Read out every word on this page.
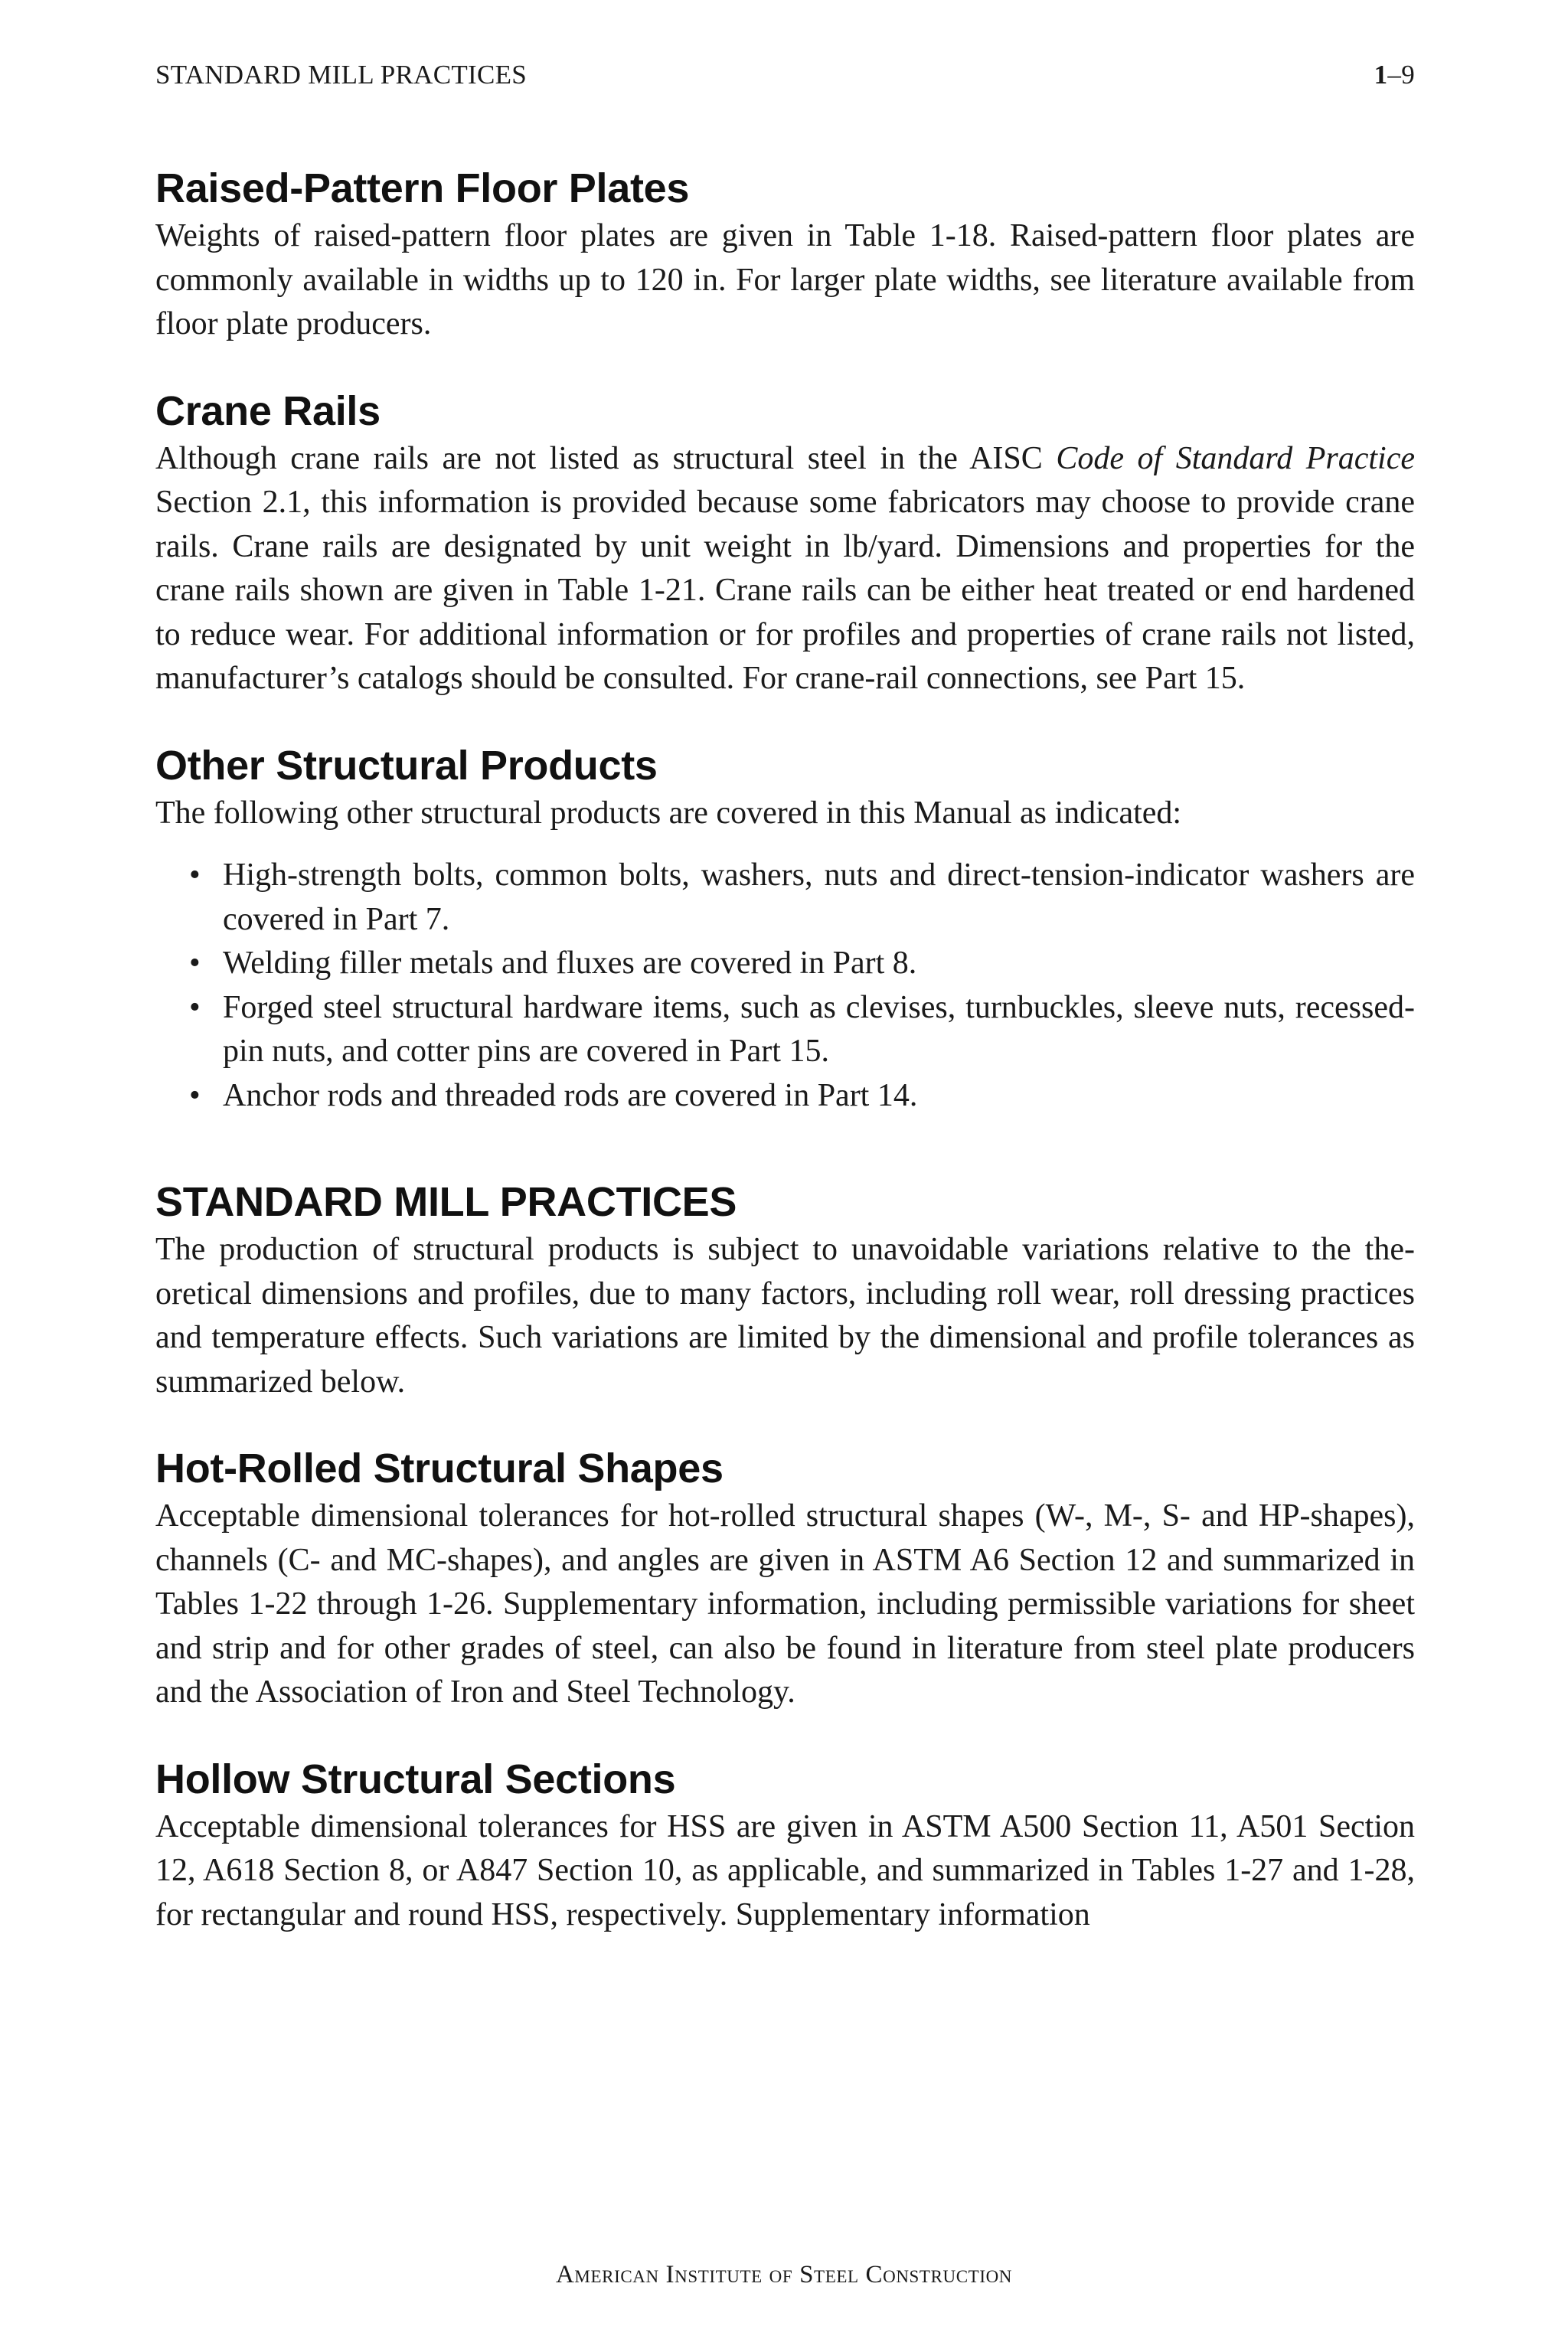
STANDARD MILL PRACTICES	1–9
Raised-Pattern Floor Plates

Weights of raised-pattern floor plates are given in Table 1-18. Raised-pattern floor plates are commonly available in widths up to 120 in. For larger plate widths, see literature available from floor plate producers.

Crane Rails

Although crane rails are not listed as structural steel in the AISC Code of Standard Practice Section 2.1, this information is provided because some fabricators may choose to provide crane rails. Crane rails are designated by unit weight in lb/yard. Dimensions and properties for the crane rails shown are given in Table 1-21. Crane rails can be either heat treated or end hardened to reduce wear. For additional information or for profiles and properties of crane rails not listed, manufacturer’s catalogs should be consulted. For crane-rail connections, see Part 15.

Other Structural Products

The following other structural products are covered in this Manual as indicated:

• High-strength bolts, common bolts, washers, nuts and direct-tension-indicator washers are covered in Part 7.
• Welding filler metals and fluxes are covered in Part 8.
• Forged steel structural hardware items, such as clevises, turnbuckles, sleeve nuts, recessed-pin nuts, and cotter pins are covered in Part 15.
• Anchor rods and threaded rods are covered in Part 14.
STANDARD MILL PRACTICES

The production of structural products is subject to unavoidable variations relative to the theoretical dimensions and profiles, due to many factors, including roll wear, roll dressing practices and temperature effects. Such variations are limited by the dimensional and profile tolerances as summarized below.

Hot-Rolled Structural Shapes

Acceptable dimensional tolerances for hot-rolled structural shapes (W-, M-, S- and HP-shapes), channels (C- and MC-shapes), and angles are given in ASTM A6 Section 12 and summarized in Tables 1-22 through 1-26. Supplementary information, including permissible variations for sheet and strip and for other grades of steel, can also be found in literature from steel plate producers and the Association of Iron and Steel Technology.

Hollow Structural Sections

Acceptable dimensional tolerances for HSS are given in ASTM A500 Section 11, A501 Section 12, A618 Section 8, or A847 Section 10, as applicable, and summarized in Tables 1-27 and 1-28, for rectangular and round HSS, respectively. Supplementary information

American Institute of Steel Construction
